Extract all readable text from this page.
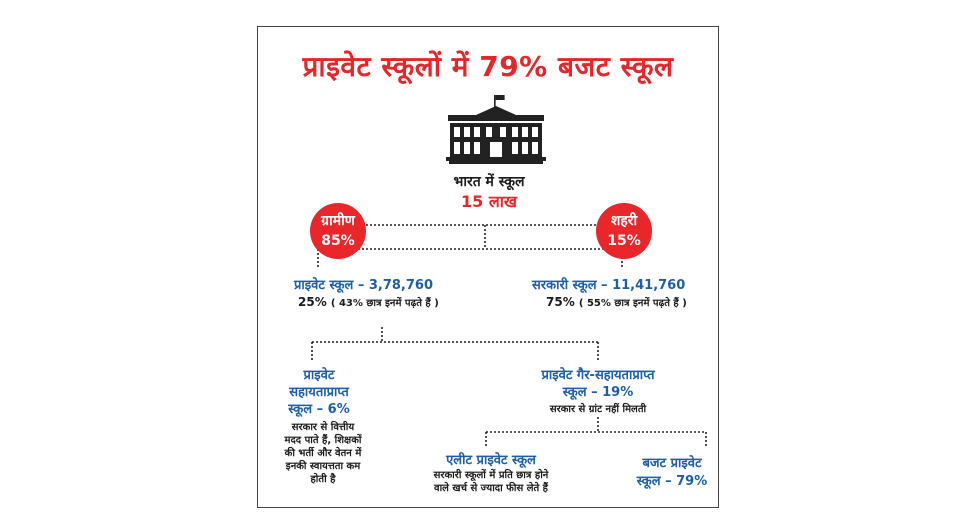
प्राइवेट स्कूलों में 79% बजट स्कूल
भारत में स्कूल
15 लाख
ग्रामीण
85%
शहरी
15%
प्राइवेट स्कूल – 3,78,760
25% ( 43% छात्र इनमें पढ़ते हैं )
सरकारी स्कूल – 11,41,760
75% ( 55% छात्र इनमें पढ़ते हैं )
प्राइवेट
सहायताप्राप्त
स्कूल – 6%
सरकार से वित्तीय
मदद पाते हैं, शिक्षकों
की भर्ती और वेतन में
इनकी स्वायत्तता कम
होती है
प्राइवेट गैर-सहायताप्राप्त
स्कूल – 19%
सरकार से ग्रांट नहीं मिलती
एलीट प्राइवेट स्कूल
सरकारी स्कूलों में प्रति छात्र होने
वाले खर्च से ज्यादा फीस लेते हैं
बजट प्राइवेट
स्कूल – 79%
